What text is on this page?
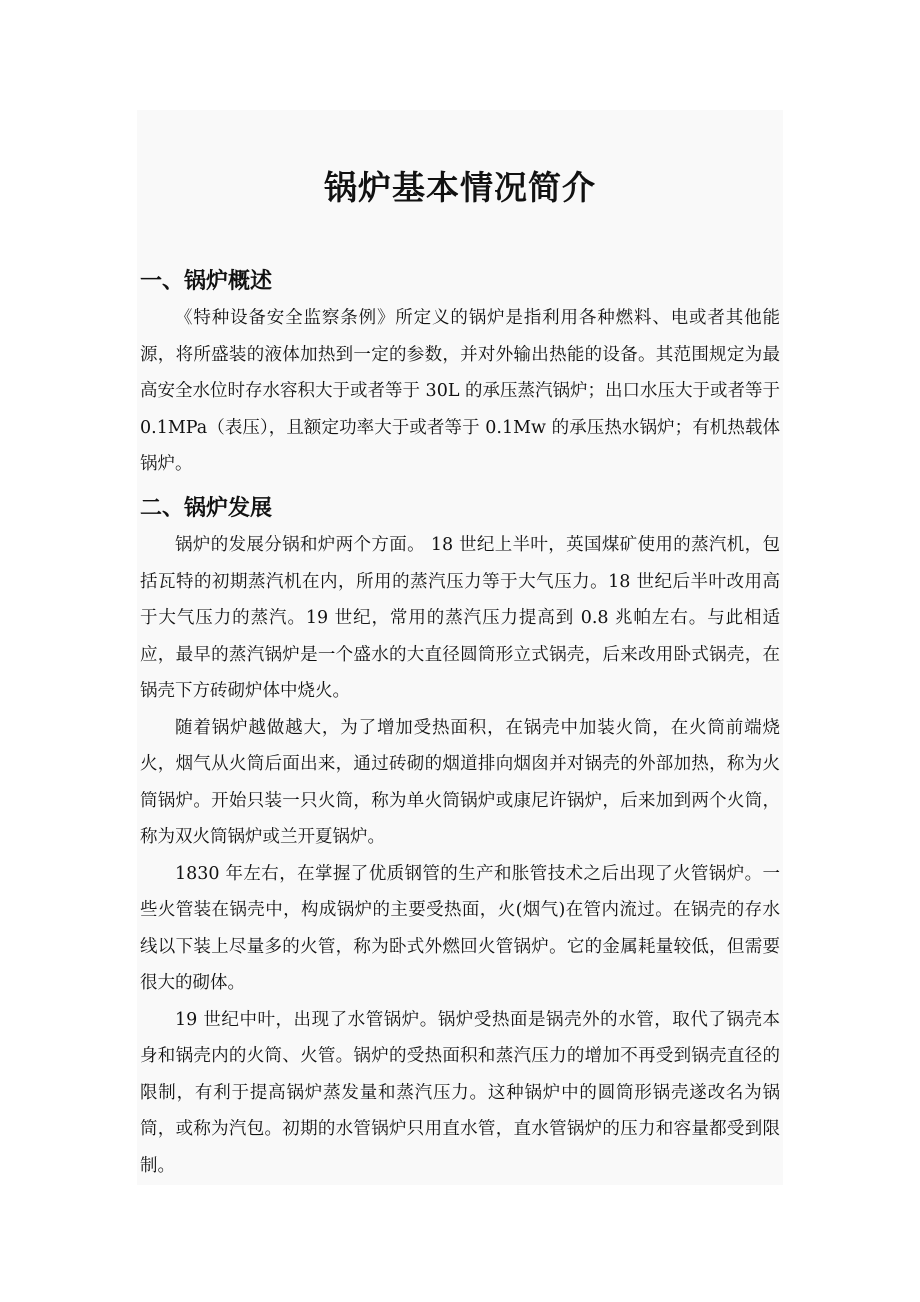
锅炉基本情况简介
一、锅炉概述

《特种设备安全监察条例》所定义的锅炉是指利用各种燃料、电或者其他能源，将所盛装的液体加热到一定的参数，并对外输出热能的设备。其范围规定为最高安全水位时存水容积大于或者等于 30L 的承压蒸汽锅炉；出口水压大于或者等于 0.1MPa（表压），且额定功率大于或者等于 0.1Mw 的承压热水锅炉；有机热载体锅炉。

二、锅炉发展

锅炉的发展分锅和炉两个方面。 18 世纪上半叶，英国煤矿使用的蒸汽机，包括瓦特的初期蒸汽机在内，所用的蒸汽压力等于大气压力。18 世纪后半叶改用高于大气压力的蒸汽。19 世纪，常用的蒸汽压力提高到 0.8 兆帕左右。与此相适应，最早的蒸汽锅炉是一个盛水的大直径圆筒形立式锅壳，后来改用卧式锅壳，在锅壳下方砖砌炉体中烧火。

随着锅炉越做越大，为了增加受热面积，在锅壳中加装火筒，在火筒前端烧火，烟气从火筒后面出来，通过砖砌的烟道排向烟囱并对锅壳的外部加热，称为火筒锅炉。开始只装一只火筒，称为单火筒锅炉或康尼许锅炉，后来加到两个火筒，称为双火筒锅炉或兰开夏锅炉。

1830 年左右，在掌握了优质钢管的生产和胀管技术之后出现了火管锅炉。一些火管装在锅壳中，构成锅炉的主要受热面，火(烟气)在管内流过。在锅壳的存水线以下装上尽量多的火管，称为卧式外燃回火管锅炉。它的金属耗量较低，但需要很大的砌体。

19 世纪中叶，出现了水管锅炉。锅炉受热面是锅壳外的水管，取代了锅壳本身和锅壳内的火筒、火管。锅炉的受热面积和蒸汽压力的增加不再受到锅壳直径的限制，有利于提高锅炉蒸发量和蒸汽压力。这种锅炉中的圆筒形锅壳遂改名为锅筒，或称为汽包。初期的水管锅炉只用直水管，直水管锅炉的压力和容量都受到限制。
